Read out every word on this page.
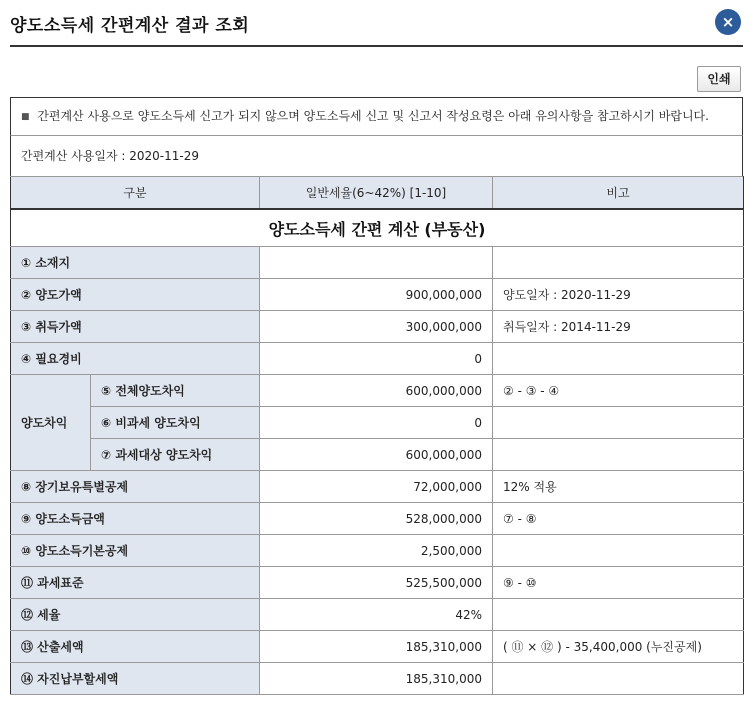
양도소득세 간편계산 결과 조회	×
인쇄
■ 간편계산 사용으로 양도소득세 신고가 되지 않으며 양도소득세 신고 및 신고서 작성요령은 아래 유의사항을 참고하시기 바랍니다.
간편계산 사용일자 : 2020-11-29
양도소득세 간편 계산 (부동산)			
구분		일반세율(6~42%) [1-10]	비고
① 소재지			
② 양도가액		900,000,000	양도일자 : 2020-11-29
③ 취득가액		300,000,000	취득일자 : 2014-11-29
④ 필요경비		0	
양도차익	⑤ 전체양도차익	600,000,000	② - ③ - ④
	⑥ 비과세 양도차익	0	
	⑦ 과세대상 양도차익	600,000,000	
⑧ 장기보유특별공제		72,000,000	12% 적용
⑨ 양도소득금액		528,000,000	⑦ - ⑧
⑩ 양도소득기본공제		2,500,000	
⑪ 과세표준		525,500,000	⑨ - ⑩
⑫ 세율		42%	
⑬ 산출세액		185,310,000	( ⑪ × ⑫ ) - 35,400,000 (누진공제)
⑭ 자진납부할세액		185,310,000	
